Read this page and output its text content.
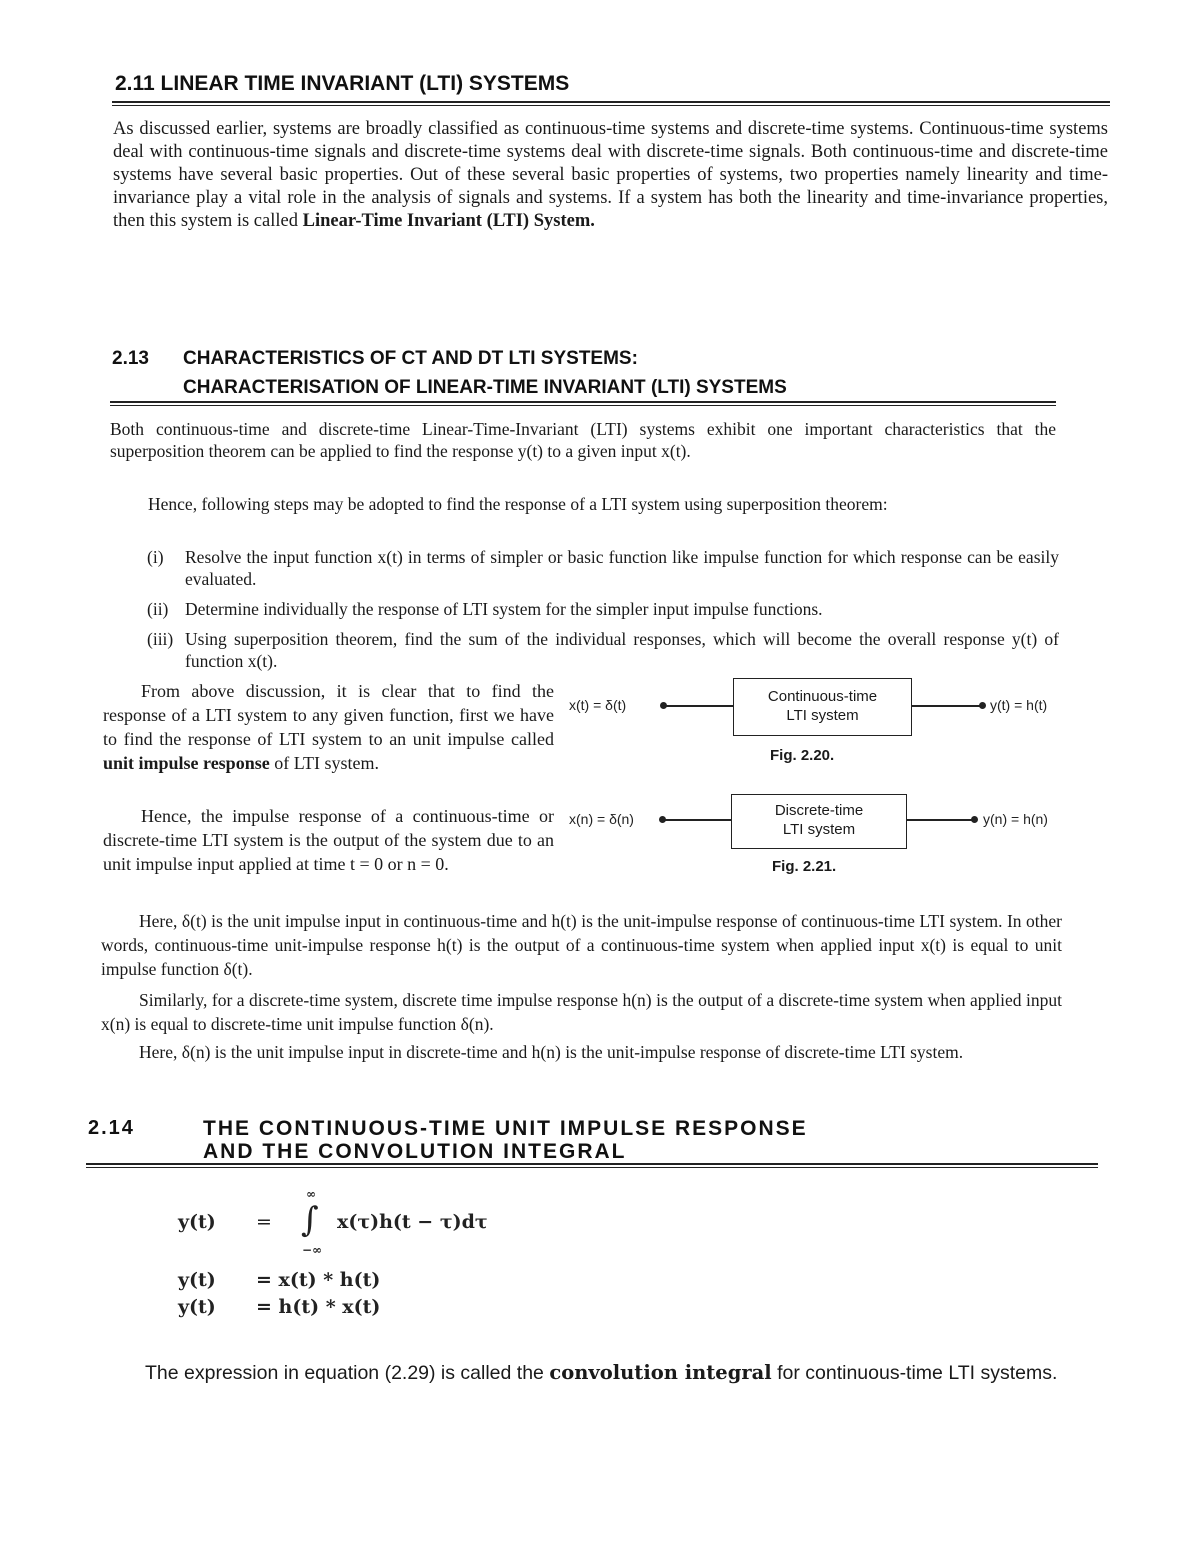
2.11 LINEAR TIME INVARIANT (LTI) SYSTEMS
As discussed earlier, systems are broadly classified as continuous-time systems and discrete-time systems. Continuous-time systems deal with continuous-time signals and discrete-time systems deal with discrete-time signals. Both continuous-time and discrete-time systems have several basic properties. Out of these several basic properties of systems, two properties namely linearity and time-invariance play a vital role in the analysis of signals and systems. If a system has both the linearity and time-invariance properties, then this system is called Linear-Time Invariant (LTI) System.
2.13 CHARACTERISTICS OF CT AND DT LTI SYSTEMS:
CHARACTERISATION OF LINEAR-TIME INVARIANT (LTI) SYSTEMS
Both continuous-time and discrete-time Linear-Time-Invariant (LTI) systems exhibit one important characteristics that the superposition theorem can be applied to find the response y(t) to a given input x(t).
Hence, following steps may be adopted to find the response of a LTI system using superposition theorem:
(i)	Resolve the input function x(t) in terms of simpler or basic function like impulse function for which response can be easily evaluated.
(ii) Determine individually the response of LTI system for the simpler input impulse functions.
(iii) Using superposition theorem, find the sum of the individual responses, which will become the overall response y(t) of function x(t).
From above discussion, it is clear that to find the response of a LTI system to any given function, first we have to find the response of LTI system to an unit impulse called unit impulse response of LTI system.
Hence, the impulse response of a continuous-time or discrete-time LTI system is the output of the system due to an unit impulse input applied at time t = 0 or n = 0.
x(t) = δ(t)	Continuous-time
LTI system
y(t) = h(t)
Fig. 2.20.
x(n) = δ(n)	Discrete-time
LTI system
y(n) = h(n)
Fig. 2.21.
Here, δ(t) is the unit impulse input in continuous-time and h(t) is the unit-impulse response of continuous-time LTI system. In other words, continuous-time unit-impulse response h(t) is the output of a continuous-time system when applied input x(t) is equal to unit impulse function δ(t).
Similarly, for a discrete-time system, discrete time impulse response h(n) is the output of a discrete-time system when applied input x(n) is equal to discrete-time unit impulse function δ(n).
Here, δ(n) is the unit impulse input in discrete-time and h(n) is the unit-impulse response of discrete-time LTI system.
2.14	THE CONTINUOUS-TIME UNIT IMPULSE RESPONSE
AND THE CONVOLUTION INTEGRAL
y(t) =
∞
∫
−∞
x(τ)h(t − τ)dτ
y(t) = x(t) * h(t)
y(t) = h(t) * x(t)
The expression in equation (2.29) is called the convolution integral for continuous-time LTI systems.
